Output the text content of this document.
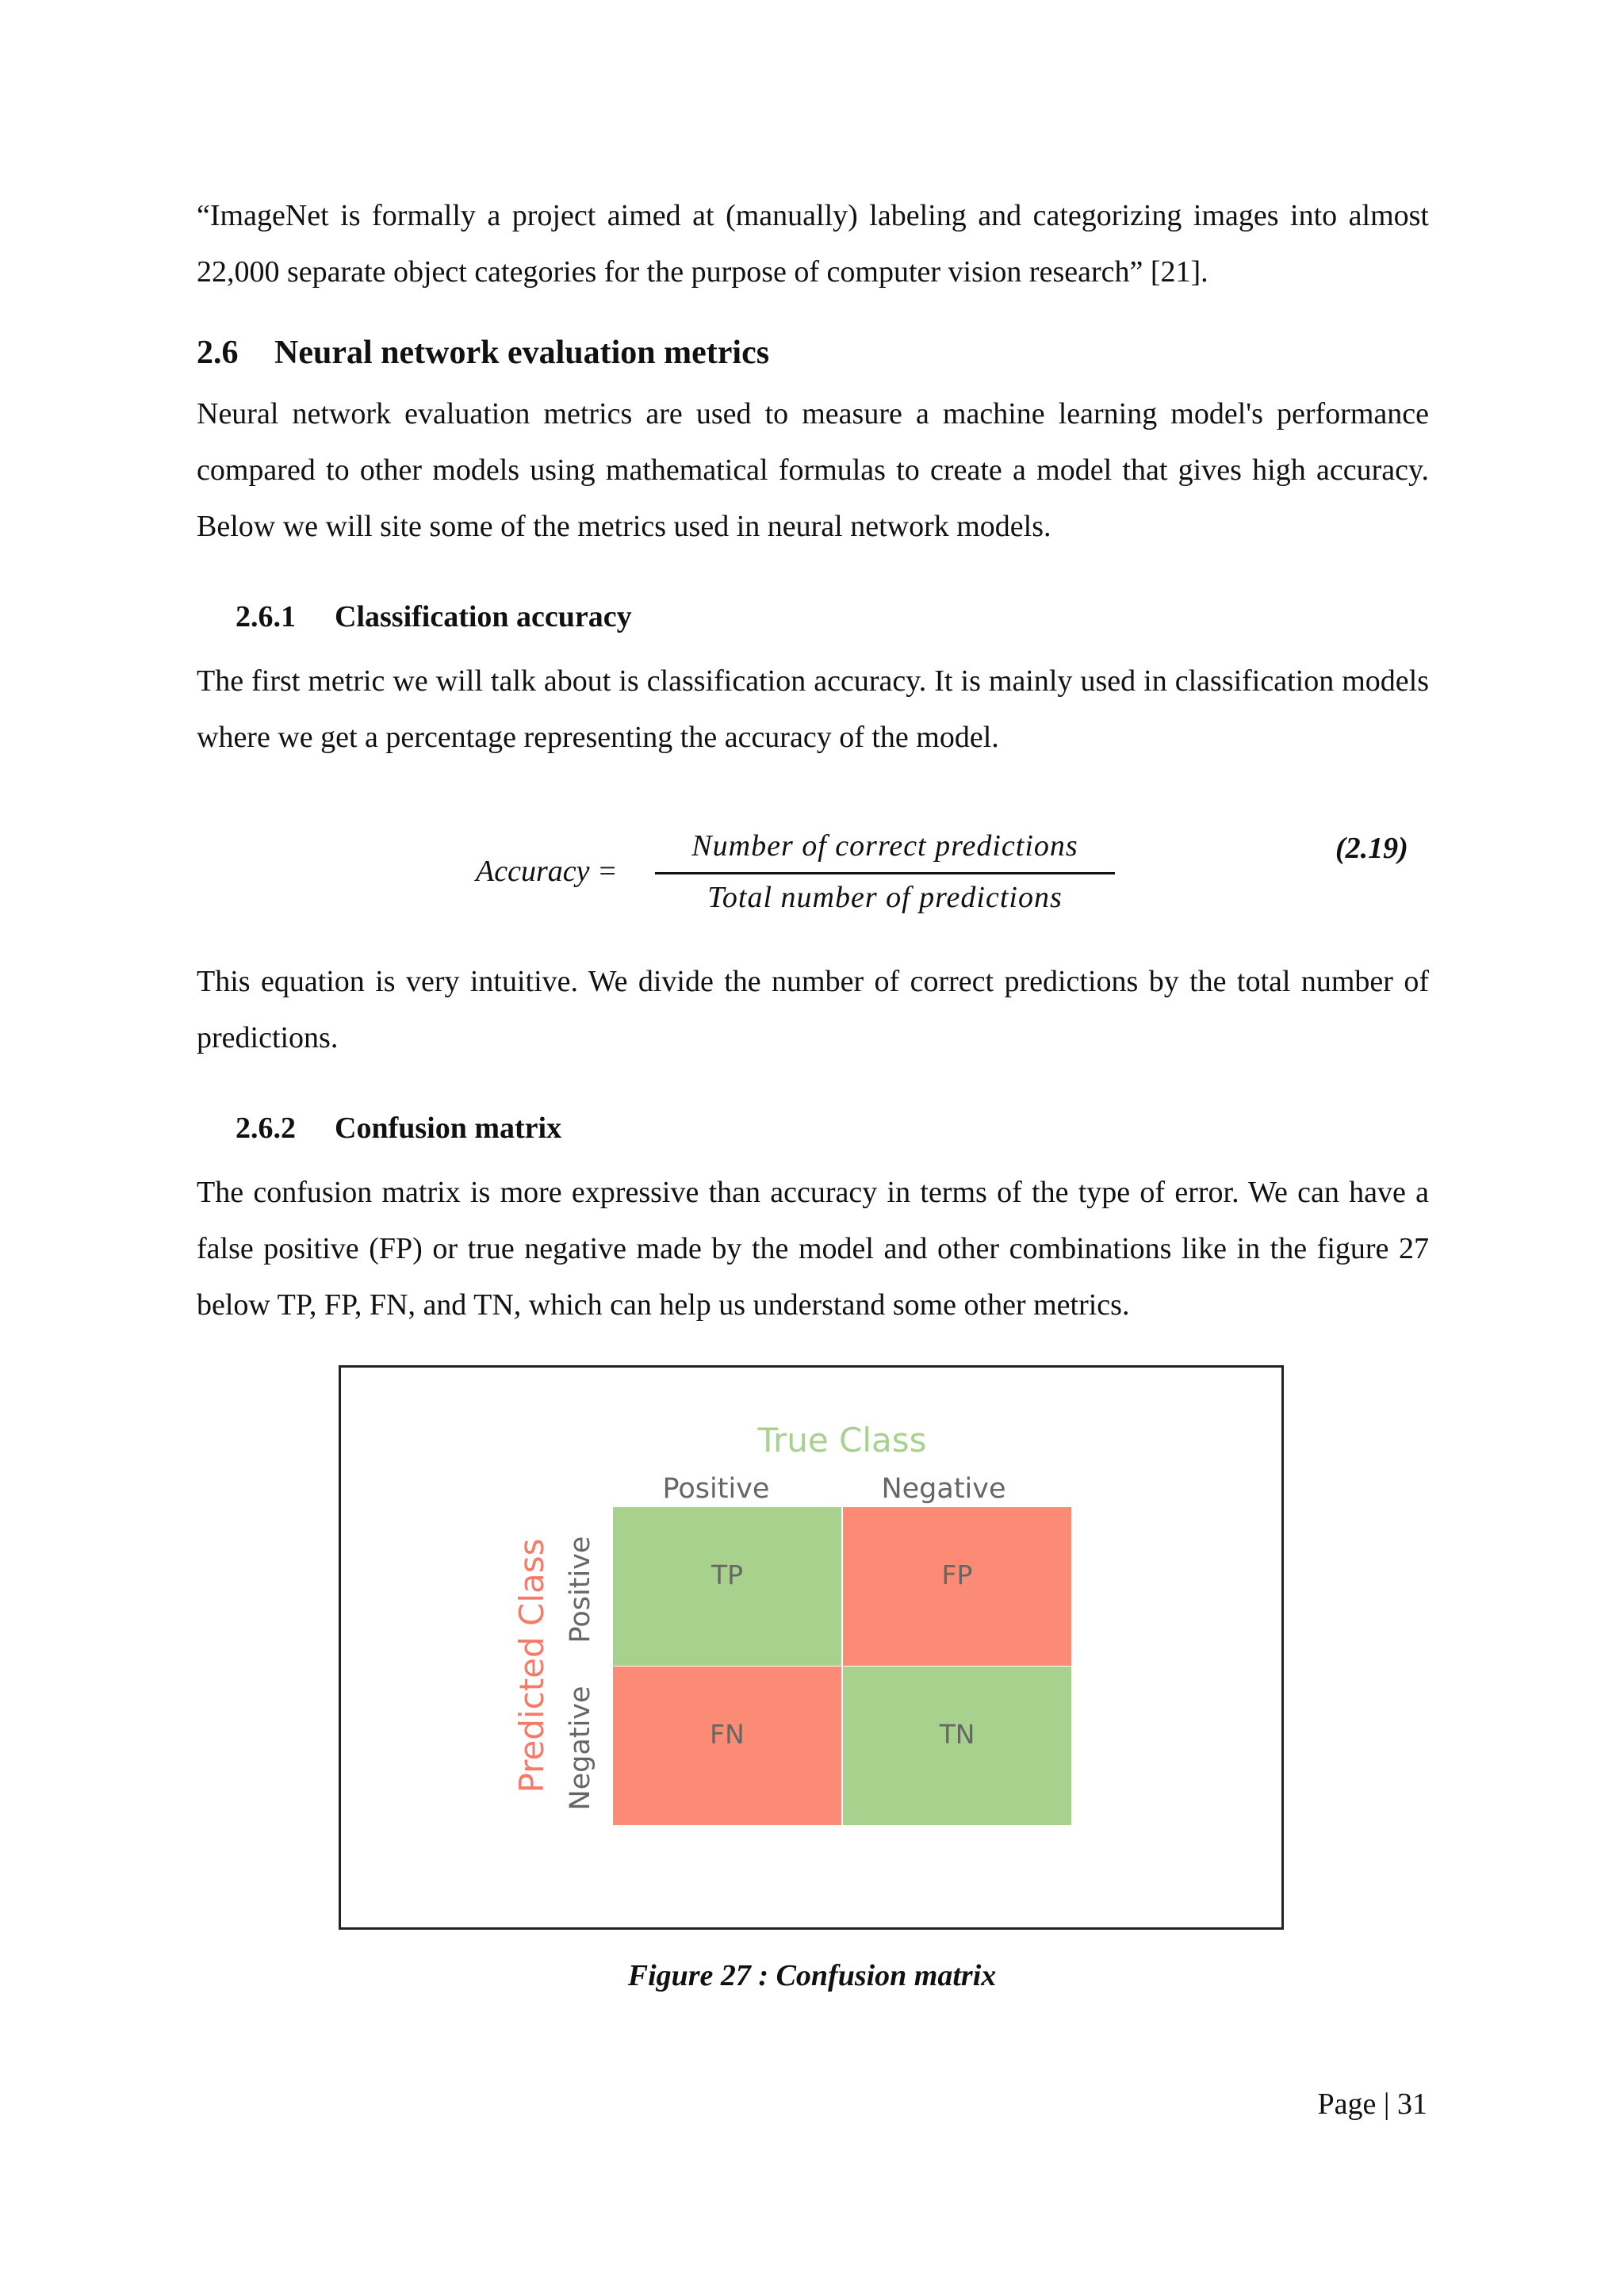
“ImageNet is formally a project aimed at (manually) labeling and categorizing images into almost 22,000 separate object categories for the purpose of computer vision research” [21].

2.6 Neural network evaluation metrics

Neural network evaluation metrics are used to measure a machine learning model's performance compared to other models using mathematical formulas to create a model that gives high accuracy. Below we will site some of the metrics used in neural network models.

2.6.1 Classification accuracy

The first metric we will talk about is classification accuracy. It is mainly used in classification models where we get a percentage representing the accuracy of the model.

Accuracy =
Number of correct predictions
Total number of predictions
(2.19)

This equation is very intuitive. We divide the number of correct predictions by the total number of predictions.

2.6.2 Confusion matrix

The confusion matrix is more expressive than accuracy in terms of the type of error. We can have a false positive (FP) or true negative made by the model and other combinations like in the figure 27 below TP, FP, FN, and TN, which can help us understand some other metrics.

True Class
Positive	Negative
Predicted Class Positive
Negative
TP	FP
FN	TN
Figure 27 : Confusion matrix
Page | 31
